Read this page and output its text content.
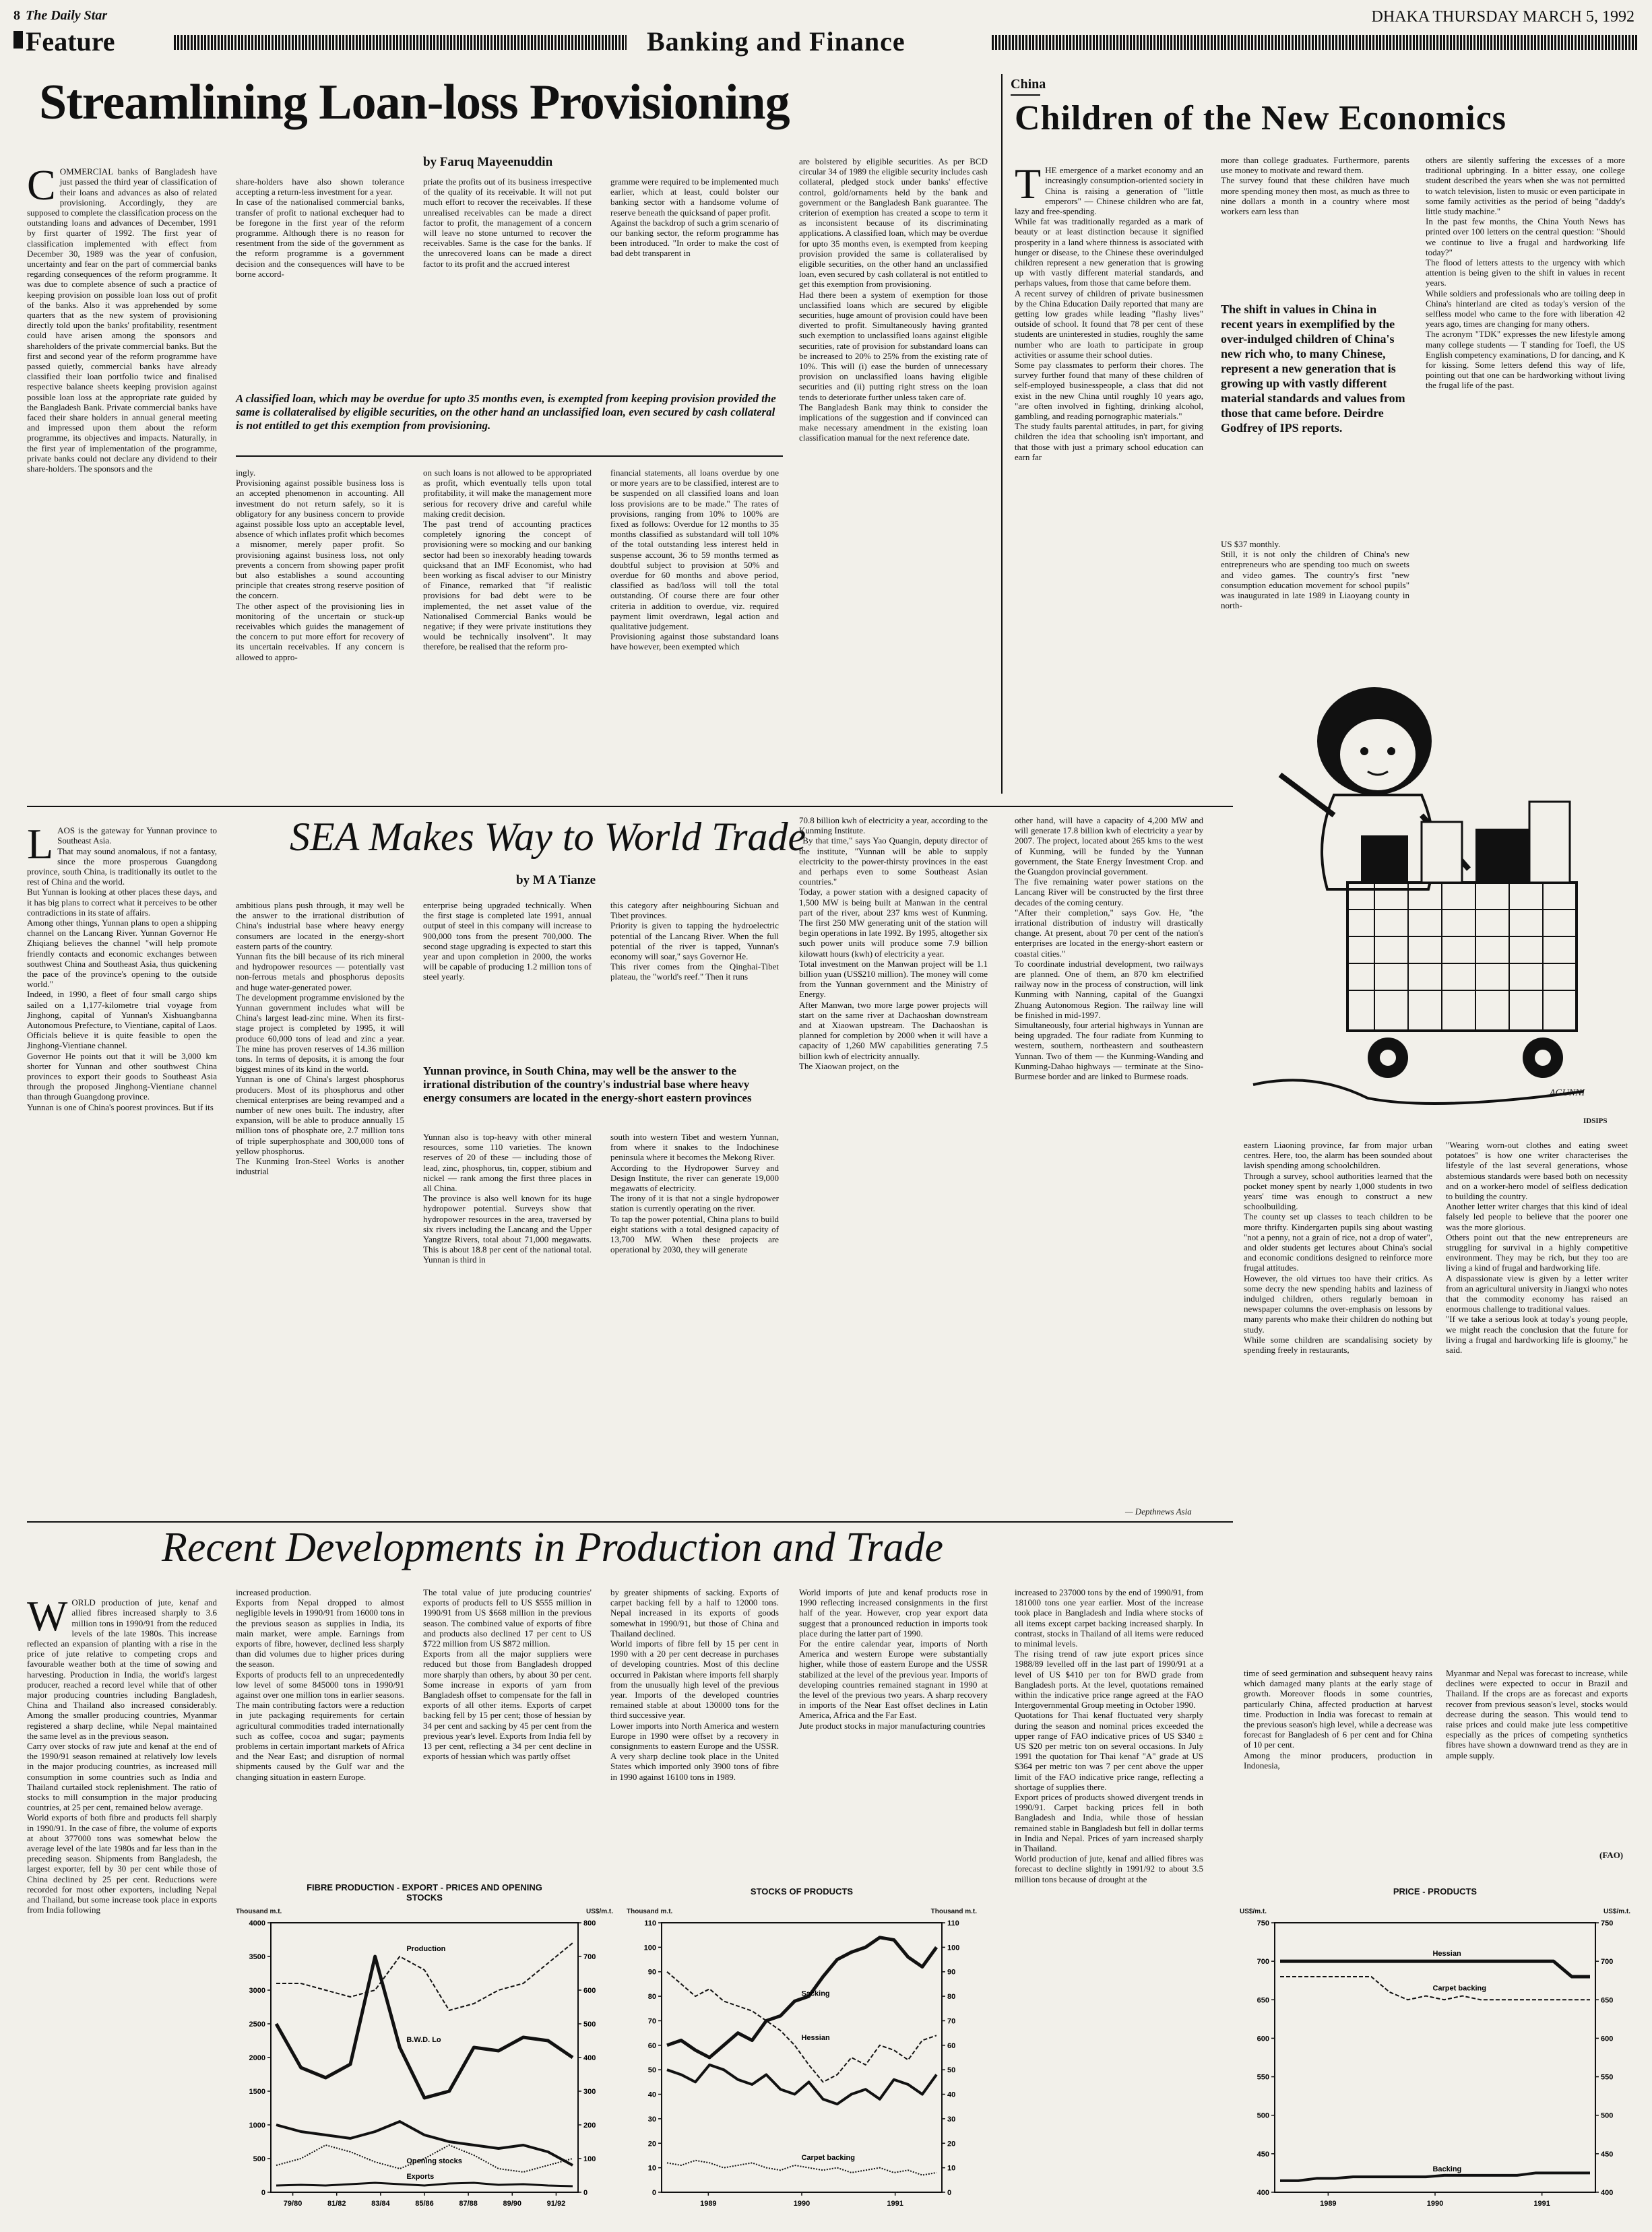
8 The Daily Star	DHAKA THURSDAY MARCH 5, 1992
Feature	Banking and Finance
Streamlining Loan-loss Provisioning

COMMERCIAL banks of Bangladesh have just passed the third year of classification of their loans and advances as also of related provisioning. Accordingly, they are supposed to complete the classification process on the outstanding loans and advances of December, 1991 by first quarter of 1992. The first year of classification implemented with effect from December 30, 1989 was the year of confusion, uncertainty and fear on the part of commercial banks regarding consequences of the reform programme. It was due to complete absence of such a practice of keeping provision on possible loan loss out of profit of the banks. Also it was apprehended by some quarters that as the new system of provisioning directly told upon the banks' profitability, resentment could have arisen among the sponsors and shareholders of the private commercial banks. But the first and second year of the reform programme have passed quietly, commercial banks have already classified their loan portfolio twice and finalised respective balance sheets keeping provision against possible loan loss at the appropriate rate guided by the Bangladesh Bank. Private commercial banks have faced their share holders in annual general meeting and impressed upon them about the reform programme, its objectives and impacts. Naturally, in the first year of implementation of the programme, private banks could not declare any dividend to their share-holders. The sponsors and the

share-holders have also shown tolerance accepting a return-less investment for a year.
In case of the nationalised commercial banks, transfer of profit to national exchequer had to be foregone in the first year of the reform programme. Although there is no reason for resentment from the side of the government as the reform programme is a government decision and the consequences will have to be borne accord-
by Faruq Mayeenuddin
priate the profits out of its business irrespective of the quality of its receivable. It will not put much effort to recover the receivables. If these unrealised receivables can be made a direct factor to profit, the management of a concern will leave no stone unturned to recover the receivables. Same is the case for the banks. If the unrecovered loans can be made a direct factor to its profit and the accrued interest
gramme were required to be implemented much earlier, which at least, could bolster our banking sector with a handsome volume of reserve beneath the quicksand of paper profit.
Against the backdrop of such a grim scenario of our banking sector, the reform programme has been introduced. "In order to make the cost of bad debt transparent in
are bolstered by eligible securities. As per BCD circular 34 of 1989 the eligible security includes cash collateral, pledged stock under banks' effective control, gold/ornaments held by the bank and government or the Bangladesh Bank guarantee. The criterion of exemption has created a scope to term it as inconsistent because of its discriminating applications. A classified loan, which may be overdue for upto 35 months even, is exempted from keeping provision provided the same is collateralised by eligible securities, on the other hand an unclassified loan, even secured by cash collateral is not entitled to get this exemption from provisioning.
Had there been a system of exemption for those unclassified loans which are secured by eligible securities, huge amount of provision could have been diverted to profit. Simultaneously having granted such exemption to unclassified loans against eligible securities, rate of provision for substandard loans can be increased to 20% to 25% from the existing rate of 10%. This will (i) ease the burden of unnecessary provision on unclassified loans having eligible securities and (ii) putting right stress on the loan tends to deteriorate further unless taken care of.
The Bangladesh Bank may think to consider the implications of the suggestion and if convinced can make necessary amendment in the existing loan classification manual for the next reference date.
A classified loan, which may be overdue for upto 35 months even, is exempted from keeping provision provided the same is collateralised by eligible securities, on the other hand an unclassified loan, even secured by cash collateral is not entitled to get this exemption from provisioning.
ingly.
Provisioning against possible business loss is an accepted phenomenon in accounting. All investment do not return safely, so it is obligatory for any business concern to provide against possible loss upto an acceptable level, absence of which inflates profit which becomes a misnomer, merely paper profit. So provisioning against business loss, not only prevents a concern from showing paper profit but also establishes a sound accounting principle that creates strong reserve position of the concern.
The other aspect of the provisioning lies in monitoring of the uncertain or stuck-up receivables which guides the management of the concern to put more effort for recovery of its uncertain receivables. If any concern is allowed to appro-
on such loans is not allowed to be appropriated as profit, which eventually tells upon total profitability, it will make the management more serious for recovery drive and careful while making credit decision.
The past trend of accounting practices completely ignoring the concept of provisioning were so mocking and our banking sector had been so inexorably heading towards quicksand that an IMF Economist, who had been working as fiscal adviser to our Ministry of Finance, remarked that "if realistic provisions for bad debt were to be implemented, the net asset value of the Nationalised Commercial Banks would be negative; if they were private institutions they would be technically insolvent". It may therefore, be realised that the reform pro-
financial statements, all loans overdue by one or more years are to be classified, interest are to be suspended on all classified loans and loan loss provisions are to be made." The rates of provisions, ranging from 10% to 100% are fixed as follows: Overdue for 12 months to 35 months classified as substandard will toll 10% of the total outstanding less interest held in suspense account, 36 to 59 months termed as doubtful subject to provision at 50% and overdue for 60 months and above period, classified as bad/loss will toll the total outstanding. Of course there are four other criteria in addition to overdue, viz. required payment limit overdrawn, legal action and qualitative judgement.
Provisioning against those substandard loans have however, been exempted which
China
Children of the New Economics

THE emergence of a market economy and an increasingly consumption-oriented society in China is raising a generation of "little emperors" — Chinese children who are fat, lazy and free-spending.
While fat was traditionally regarded as a mark of beauty or at least distinction because it signified prosperity in a land where thinness is associated with hunger or disease, to the Chinese these overindulged children represent a new generation that is growing up with vastly different material standards, and perhaps values, from those that came before them.
A recent survey of children of private businessmen by the China Education Daily reported that many are getting low grades while leading "flashy lives" outside of school. It found that 78 per cent of these students are uninterested in studies, roughly the same number who are loath to participate in group activities or assume their school duties.
Some pay classmates to perform their chores. The survey further found that many of these children of self-employed businesspeople, a class that did not exist in the new China until roughly 10 years ago, "are often involved in fighting, drinking alcohol, gambling, and reading pornographic materials."
The study faults parental attitudes, in part, for giving children the idea that schooling isn't important, and that those with just a primary school education can earn far

more than college graduates. Furthermore, parents use money to motivate and reward them.
The survey found that these children have much more spending money then most, as much as three to nine dollars a month in a country where most workers earn less than
The shift in values in China in recent years in exemplified by the over-indulged children of China's new rich who, to many Chinese, represent a new generation that is growing up with vastly different material standards and values from those that came before. Deirdre Godfrey of IPS reports.
US $37 monthly.
Still, it is not only the children of China's new entrepreneurs who are spending too much on sweets and video games. The country's first "new consumption education movement for school pupils" was inaugurated in late 1989 in Liaoyang county in north-
others are silently suffering the excesses of a more traditional upbringing. In a bitter essay, one college student described the years when she was not permitted to watch television, listen to music or even participate in some family activities as the period of being "daddy's little study machine."
In the past few months, the China Youth News has printed over 100 letters on the central question: "Should we continue to live a frugal and hardworking life today?"
The flood of letters attests to the urgency with which attention is being given to the shift in values in recent years.
While soldiers and professionals who are toiling deep in China's hinterland are cited as today's version of the selfless model who came to the fore with liberation 42 years ago, times are changing for many others.
The acronym "TDK" expresses the new lifestyle among many college students — T standing for Toefl, the US English competency examinations, D for dancing, and K for kissing. Some letters defend this way of life, pointing out that one can be hardworking without living the frugal life of the past.
AGUNNI
IDSIPS
eastern Liaoning province, far from major urban centres. Here, too, the alarm has been sounded about lavish spending among schoolchildren.
Through a survey, school authorities learned that the pocket money spent by nearly 1,000 students in two years' time was enough to construct a new schoolbuilding.
The county set up classes to teach children to be more thrifty. Kindergarten pupils sing about wasting "not a penny, not a grain of rice, not a drop of water", and older students get lectures about China's social and economic conditions designed to reinforce more frugal attitudes.
However, the old virtues too have their critics. As some decry the new spending habits and laziness of indulged children, others regularly bemoan in newspaper columns the over-emphasis on lessons by many parents who make their children do nothing but study.
While some children are scandalising society by spending freely in restaurants,
"Wearing worn-out clothes and eating sweet potatoes" is how one writer characterises the lifestyle of the last several generations, whose abstemious standards were based both on necessity and on a worker-hero model of selfless dedication to building the country.
Another letter writer charges that this kind of ideal falsely led people to believe that the poorer one was the more glorious.
Others point out that the new entrepreneurs are struggling for survival in a highly competitive environment. They may be rich, but they too are living a kind of frugal and hardworking life.
A dispassionate view is given by a letter writer from an agricultural university in Jiangxi who notes that the commodity economy has raised an enormous challenge to traditional values.
"If we take a serious look at today's young people, we might reach the conclusion that the future for living a frugal and hardworking life is gloomy," he said.
SEA Makes Way to World Trade
by M A Tianze

LAOS is the gateway for Yunnan province to Southeast Asia.
That may sound anomalous, if not a fantasy, since the more prosperous Guangdong province, south China, is traditionally its outlet to the rest of China and the world.
But Yunnan is looking at other places these days, and it has big plans to correct what it perceives to be other contradictions in its state of affairs.
Among other things, Yunnan plans to open a shipping channel on the Lancang River. Yunnan Governor He Zhiqiang believes the channel "will help promote friendly contacts and economic exchanges between southwest China and Southeast Asia, thus quickening the pace of the province's opening to the outside world."
Indeed, in 1990, a fleet of four small cargo ships sailed on a 1,177-kilometre trial voyage from Jinghong, capital of Yunnan's Xishuangbanna Autonomous Prefecture, to Vientiane, capital of Laos. Officials believe it is quite feasible to open the Jinghong-Vientiane channel.
Governor He points out that it will be 3,000 km shorter for Yunnan and other southwest China provinces to export their goods to Southeast Asia through the proposed Jinghong-Vientiane channel than through Guangdong province.
Yunnan is one of China's poorest provinces. But if its

ambitious plans push through, it may well be the answer to the irrational distribution of China's industrial base where heavy energy consumers are located in the energy-short eastern parts of the country.
Yunnan fits the bill because of its rich mineral and hydropower resources — potentially vast non-ferrous metals and phosphorus deposits and huge water-generated power.
The development programme envisioned by the Yunnan government includes what will be China's largest lead-zinc mine. When its first-stage project is completed by 1995, it will produce 60,000 tons of lead and zinc a year. The mine has proven reserves of 14.36 million tons. In terms of deposits, it is among the four biggest mines of its kind in the world.
Yunnan is one of China's largest phosphorus producers. Most of its phosphorus and other chemical enterprises are being revamped and a number of new ones built. The industry, after expansion, will be able to produce annually 15 million tons of phosphate ore, 2.7 million tons of triple superphosphate and 300,000 tons of yellow phosphorus.
The Kunming Iron-Steel Works is another industrial
enterprise being upgraded technically. When the first stage is completed late 1991, annual output of steel in this company will increase to 900,000 tons from the present 700,000. The second stage upgrading is expected to start this year and upon completion in 2000, the works will be capable of producing 1.2 million tons of steel yearly.
this category after neighbouring Sichuan and Tibet provinces.
Priority is given to tapping the hydroelectric potential of the Lancang River. When the full potential of the river is tapped, Yunnan's economy will soar," says Governor He.
This river comes from the Qinghai-Tibet plateau, the "world's reef." Then it runs
Yunnan province, in South China, may well be the answer to the irrational distribution of the country's industrial base where heavy energy consumers are located in the energy-short eastern provinces
Yunnan also is top-heavy with other mineral resources, some 110 varieties. The known reserves of 20 of these — including those of lead, zinc, phosphorus, tin, copper, stibium and nickel — rank among the first three places in all China.
The province is also well known for its huge hydropower potential. Surveys show that hydropower resources in the area, traversed by six rivers including the Lancang and the Upper Yangtze Rivers, total about 71,000 megawatts. This is about 18.8 per cent of the national total. Yunnan is third in
south into western Tibet and western Yunnan, from where it snakes to the Indochinese peninsula where it becomes the Mekong River.
According to the Hydropower Survey and Design Institute, the river can generate 19,000 megawatts of electricity.
The irony of it is that not a single hydropower station is currently operating on the river.
To tap the power potential, China plans to build eight stations with a total designed capacity of 13,700 MW. When these projects are operational by 2030, they will generate
70.8 billion kwh of electricity a year, according to the Kunming Institute.
"By that time," says Yao Quangin, deputy director of the institute, "Yunnan will be able to supply electricity to the power-thirsty provinces in the east and perhaps even to some Southeast Asian countries."
Today, a power station with a designed capacity of 1,500 MW is being built at Manwan in the central part of the river, about 237 kms west of Kunming. The first 250 MW generating unit of the station will begin operations in late 1992. By 1995, altogether six such power units will produce some 7.9 billion kilowatt hours (kwh) of electricity a year.
Total investment on the Manwan project will be 1.1 billion yuan (US$210 million). The money will come from the Yunnan government and the Ministry of Energy.
After Manwan, two more large power projects will start on the same river at Dachaoshan downstream and at Xiaowan upstream. The Dachaoshan is planned for completion by 2000 when it will have a capacity of 1,260 MW capabilities generating 7.5 billion kwh of electricity annually.
The Xiaowan project, on the
other hand, will have a capacity of 4,200 MW and will generate 17.8 billion kwh of electricity a year by 2007. The project, located about 265 kms to the west of Kunming, will be funded by the Yunnan government, the State Energy Investment Crop. and the Guangdon provincial government.
The five remaining water power stations on the Lancang River will be constructed by the first three decades of the coming century.
"After their completion," says Gov. He, "the irrational distribution of industry will drastically change. At present, about 70 per cent of the nation's enterprises are located in the energy-short eastern or coastal cities."
To coordinate industrial development, two railways are planned. One of them, an 870 km electrified railway now in the process of construction, will link Kunming with Nanning, capital of the Guangxi Zhuang Autonomous Region. The railway line will be finished in mid-1997.
Simultaneously, four arterial highways in Yunnan are being upgraded. The four radiate from Kunming to western, southern, northeastern and southeastern Yunnan. Two of them — the Kunming-Wanding and Kunming-Dahao highways — terminate at the Sino-Burmese border and are linked to Burmese roads.
— Depthnews Asia
Recent Developments in Production and Trade

WORLD production of jute, kenaf and allied fibres increased sharply to 3.6 million tons in 1990/91 from the reduced levels of the late 1980s. This increase reflected an expansion of planting with a rise in the price of jute relative to competing crops and favourable weather both at the time of sowing and harvesting. Production in India, the world's largest producer, reached a record level while that of other major producing countries including Bangladesh, China and Thailand also increased considerably. Among the smaller producing countries, Myanmar registered a sharp decline, while Nepal maintained the same level as in the previous season.
Carry over stocks of raw jute and kenaf at the end of the 1990/91 season remained at relatively low levels in the major producing countries, as increased mill consumption in some countries such as India and Thailand curtailed stock replenishment. The ratio of stocks to mill consumption in the major producing countries, at 25 per cent, remained below average.
World exports of both fibre and products fell sharply in 1990/91. In the case of fibre, the volume of exports at about 377000 tons was somewhat below the average level of the late 1980s and far less than in the preceding season. Shipments from Bangladesh, the largest exporter, fell by 30 per cent while those of China declined by 25 per cent. Reductions were recorded for most other exporters, including Nepal and Thailand, but some increase took place in exports from India following

increased production.
Exports from Nepal dropped to almost negligible levels in 1990/91 from 16000 tons in the previous season as supplies in India, its main market, were ample. Earnings from exports of fibre, however, declined less sharply than did volumes due to higher prices during the season.
Exports of products fell to an unprecedentedly low level of some 845000 tons in 1990/91 against over one million tons in earlier seasons. The main contributing factors were a reduction in jute packaging requirements for certain agricultural commodities traded internationally such as coffee, cocoa and sugar; payments problems in certain important markets of Africa and the Near East; and disruption of normal shipments caused by the Gulf war and the changing situation in eastern Europe.
The total value of jute producing countries' exports of products fell to US $555 million in 1990/91 from US $668 million in the previous season. The combined value of exports of fibre and products also declined 17 per cent to US $722 million from US $872 million.
Exports from all the major suppliers were reduced but those from Bangladesh dropped more sharply than others, by about 30 per cent. Some increase in exports of yarn from Bangladesh offset to compensate for the fall in exports of all other items. Exports of carpet backing fell by 15 per cent; those of hessian by 34 per cent and sacking by 45 per cent from the previous year's level. Exports from India fell by 13 per cent, reflecting a 34 per cent decline in exports of hessian which was partly offset
by greater shipments of sacking. Exports of carpet backing fell by a half to 12000 tons. Nepal increased in its exports of goods somewhat in 1990/91, but those of China and Thailand declined.
World imports of fibre fell by 15 per cent in 1990 with a 20 per cent decrease in purchases of developing countries. Most of this decline occurred in Pakistan where imports fell sharply from the unusually high level of the previous year. Imports of the developed countries remained stable at about 130000 tons for the third successive year.
Lower imports into North America and western Europe in 1990 were offset by a recovery in consignments to eastern Europe and the USSR. A very sharp decline took place in the United States which imported only 3900 tons of fibre in 1990 against 16100 tons in 1989.
World imports of jute and kenaf products rose in 1990 reflecting increased consignments in the first half of the year. However, crop year export data suggest that a pronounced reduction in imports took place during the latter part of 1990.
For the entire calendar year, imports of North America and western Europe were substantially higher, while those of eastern Europe and the USSR stabilized at the level of the previous year. Imports of developing countries remained stagnant in 1990 at the level of the previous two years. A sharp recovery in imports of the Near East offset declines in Latin America, Africa and the Far East.
Jute product stocks in major manufacturing countries
increased to 237000 tons by the end of 1990/91, from 181000 tons one year earlier. Most of the increase took place in Bangladesh and India where stocks of all items except carpet backing increased sharply. In contrast, stocks in Thailand of all items were reduced to minimal levels.
The rising trend of raw jute export prices since 1988/89 levelled off in the last part of 1990/91 at a level of US $410 per ton for BWD grade from Bangladesh ports. At the level, quotations remained within the indicative price range agreed at the FAO Intergovernmental Group meeting in October 1990.
Quotations for Thai kenaf fluctuated very sharply during the season and nominal prices exceeded the upper range of FAO indicative prices of US $340 ± US $20 per metric ton on several occasions. In July 1991 the quotation for Thai kenaf "A" grade at US $364 per metric ton was 7 per cent above the upper limit of the FAO indicative price range, reflecting a shortage of supplies there.
Export prices of products showed divergent trends in 1990/91. Carpet backing prices fell in both Bangladesh and India, while those of hessian remained stable in Bangladesh but fell in dollar terms in India and Nepal. Prices of yarn increased sharply in Thailand.
World production of jute, kenaf and allied fibres was forecast to decline slightly in 1991/92 to about 3.5 million tons because of drought at the
time of seed germination and subsequent heavy rains which damaged many plants at the early stage of growth. Moreover floods in some countries, particularly China, affected production at harvest time. Production in India was forecast to remain at the previous season's high level, while a decrease was forecast for Bangladesh of 6 per cent and for China of 10 per cent.
Among the minor producers, production in Indonesia,
Myanmar and Nepal was forecast to increase, while declines were expected to occur in Brazil and Thailand. If the crops are as forecast and exports recover from previous season's level, stocks would decrease during the season. This would tend to raise prices and could make jute less competitive especially as the prices of competing synthetics fibres have shown a downward trend as they are in ample supply.
(FAO)
FIBRE PRODUCTION - EXPORT - PRICES AND OPENING STOCKS
Thousand m.t.	US$/m.t.
0
500
1000
1500
2000
2500
3000
3500
4000
0
100
200
300
400
500
600
700
800
79/80	81/82	83/84	85/86	87/88	89/90	91/92
B.W.D. Lo
Production
Opening stocks
Exports
STOCKS OF PRODUCTS
Thousand m.t.	Thousand m.t.
0
10
20
30
40
50
60
70
80
90
100
110
0
10
20
30
40
50
60
70
80
90
100
110
1989	1990	1991
Sacking
Hessian
Carpet backing
PRICE - PRODUCTS
US$/m.t.	US$/m.t.
400
450
500
550
600
650
700
750
400
450
500
550
600
650
700
750
1989	1990	1991
Hessian
Carpet backing
Backing
